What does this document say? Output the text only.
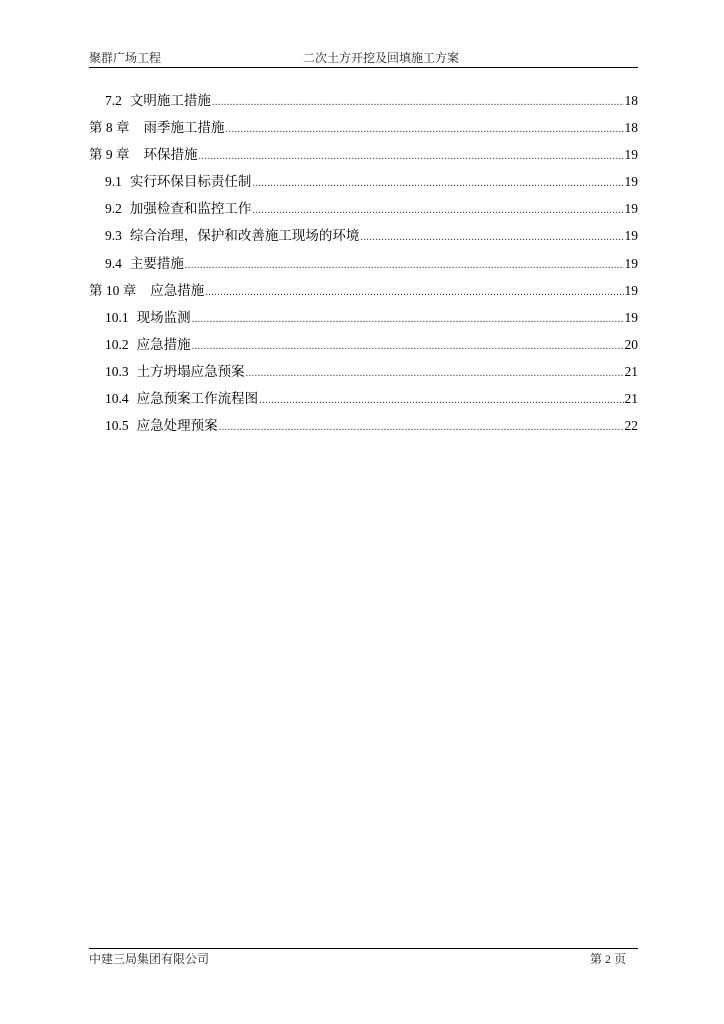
聚群广场工程	二次土方开挖及回填施工方案
7.2 文明施工措施 .....	18
第 8 章 雨季施工措施 .....	18
第 9 章 环保措施 .....	19
9.1 实行环保目标责任制 .....	19
9.2 加强检查和监控工作 .....	19
9.3 综合治理，保护和改善施工现场的环境 .....	19
9.4 主要措施 .....	19
第 10 章 应急措施 .....	19
10.1 现场监测 .....	19
10.2 应急措施 .....	20
10.3 土方坍塌应急预案 .....	21
10.4 应急预案工作流程图 .....	21
10.5 应急处理预案 .....	22
中建三局集团有限公司	第 2 页
